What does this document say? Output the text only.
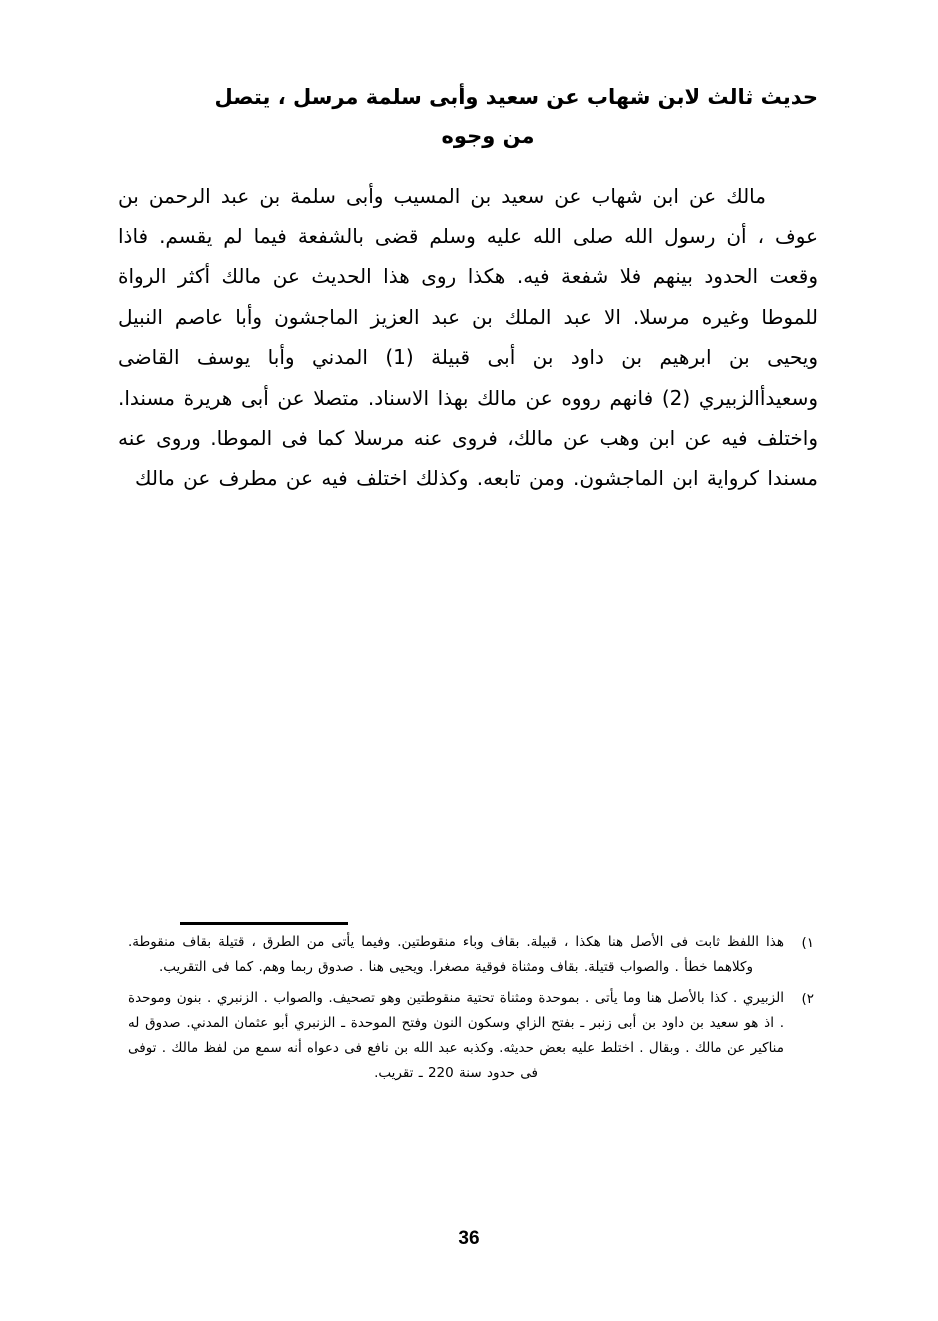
حديث ثالث لابن شهاب عن سعيد وأبى سلمة مرسل ، يتصل
من وجوه

مالك عن ابن شهاب عن سعيد بن المسيب وأبى سلمة بن عبد الرحمن بن عوف ، أن رسول الله صلى الله عليه وسلم قضى بالشفعة فيما لم يقسم. فاذا وقعت الحدود بينهم فلا شفعة فيه. هكذا روى هذا الحديث عن مالك أكثر الرواة للموطا وغيره مرسلا. الا عبد الملك بن عبد العزيز الماجشون وأبا عاصم النبيل ويحيى بن ابرهيم بن داود بن أبى قبيلة (1) المدني وأبا يوسف القاضى وسعيدأالزبيري (2) فانهم رووه عن مالك بهذا الاسناد. متصلا عن أبى هريرة مسندا. واختلف فيه عن ابن وهب عن مالك، فروى عنه مرسلا كما فى الموطا. وروى عنه مسندا كرواية ابن الماجشون. ومن تابعه. وكذلك اختلف فيه عن مطرف عن مالك

١)
هذا اللفظ ثابت فى الأصل هنا هكذا ، قبيلة. بقاف وباء منقوطتين. وفيما يأتى من الطرق ، قتيلة بقاف منقوطة. وكلاهما خطأ . والصواب قتيلة. بقاف ومثناة فوقية مصغرا. ويحيى هنا . صدوق ربما وهم. كما فى التقريب.
٢)
الزبيري . كذا بالأصل هنا وما يأتى . بموحدة ومثناة تحتية منقوطتين وهو تصحيف. والصواب . الزنبري . بنون وموحدة . اذ هو سعيد بن داود بن أبى زنبر ـ بفتح الزاي وسكون النون وفتح الموحدة ـ الزنبري أبو عثمان المدني. صدوق له مناكير عن مالك . وبقال . اختلط عليه بعض حديثه. وكذبه عبد الله بن نافع فى دعواه أنه سمع من لفظ مالك . توفى فى حدود سنة 220 ـ تقريب.
36
